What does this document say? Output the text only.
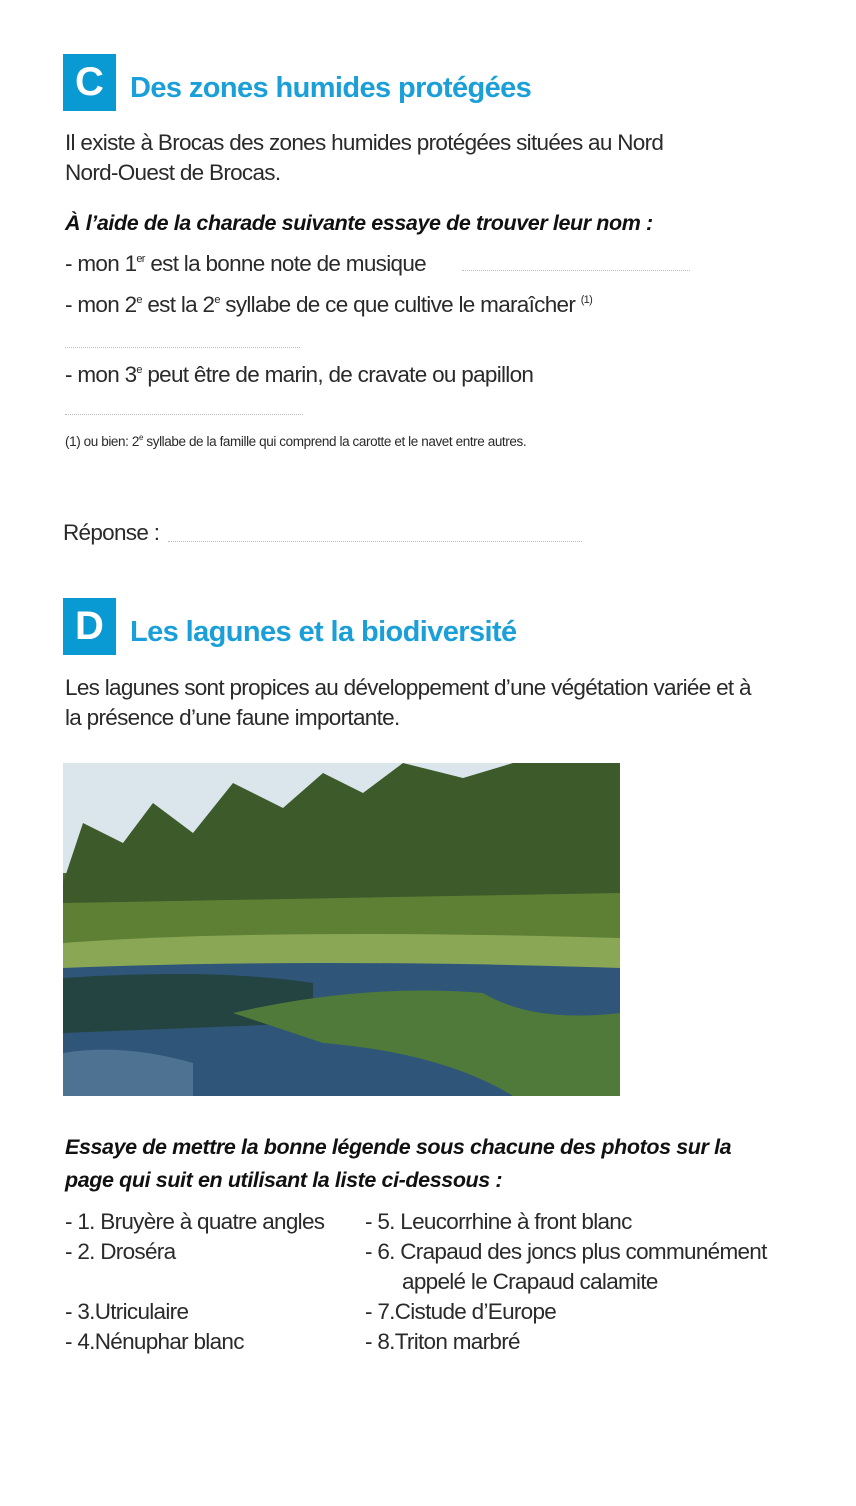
C Des zones humides protégées
Il existe à Brocas des zones humides protégées situées au Nord
Nord-Ouest de Brocas.
À l’aide de la charade suivante essaye de trouver leur nom :
- mon 1er est la bonne note de musique
- mon 2e est la 2e syllabe de ce que cultive le maraîcher $^{(1)}$
- mon 3e peut être de marin, de cravate ou papillon
(1) ou bien: 2e syllabe de la famille qui comprend la carotte et le navet entre autres.
Réponse :
D Les lagunes et la biodiversité
Les lagunes sont propices au développement d’une végétation variée et à
la présence d’une faune importante.
Essaye de mettre la bonne légende sous chacune des photos sur la
page qui suit en utilisant la liste ci-dessous :
- 1. Bruyère à quatre angles
- 2. Droséra
- 3.Utriculaire
- 4.Nénuphar blanc
- 5. Leucorrhine à front blanc
- 6. Crapaud des joncs plus communément
appelé le Crapaud calamite
- 7.Cistude d’Europe
- 8.Triton marbré
